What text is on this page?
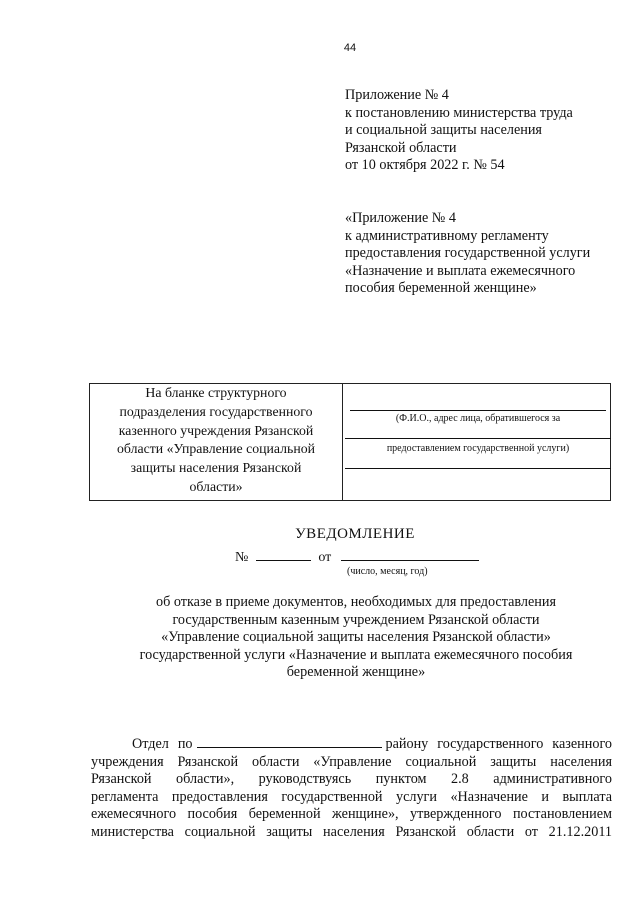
44
Приложение № 4
к постановлению министерства труда
и социальной защиты населения
Рязанской области
от 10 октября 2022 г. № 54
«Приложение № 4
к административному регламенту
предоставления государственной услуги
«Назначение и выплата ежемесячного
пособия беременной женщине»
На бланке структурного
подразделения государственного
казенного учреждения Рязанской
области «Управление социальной
защиты населения Рязанской
области»
(Ф.И.О., адрес лица, обратившегося за
предоставлением государственной услуги)
УВЕДОМЛЕНИЕ
№	от
(число, месяц, год)
об отказе в приеме документов, необходимых для предоставления
государственным казенным учреждением Рязанской области
«Управление социальной защиты населения Рязанской области»
государственной услуги «Назначение и выплата ежемесячного пособия
беременной женщине»
Отдел по	району государственного казенного
учреждения Рязанской области «Управление социальной защиты населения
Рязанской области», руководствуясь пунктом 2.8 административного
регламента предоставления государственной услуги «Назначение и выплата
ежемесячного пособия беременной женщине», утвержденного постановлением
министерства социальной защиты населения Рязанской области от 21.12.2011
